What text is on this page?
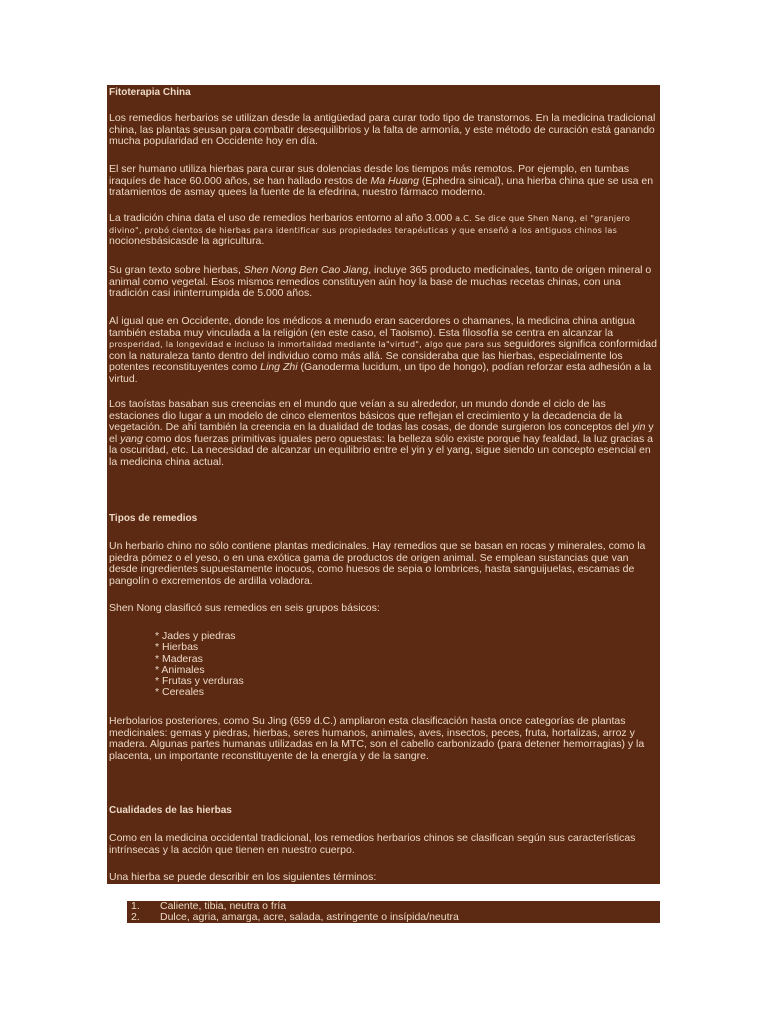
Fitoterapia China

Los remedios herbarios se utilizan desde la antigüedad para curar todo tipo de transtornos. En la medicina tradicional china, las plantas seusan para combatir desequilibrios y la falta de armonía, y este método de curación está ganando mucha popularidad en Occidente hoy en día.

El ser humano utiliza hierbas para curar sus dolencias desde los tiempos más remotos. Por ejemplo, en tumbas iraquíes de hace 60.000 años, se han hallado restos de Ma Huang (Ephedra sinical), una hierba china que se usa en tratamientos de asmay quees la fuente de la efedrina, nuestro fármaco moderno.

La tradición china data el uso de remedios herbarios entorno al año 3.000 a.C. Se dice que Shen Nang, el "granjero divino", probó cientos de hierbas para identificar sus propiedades terapéuticas y que enseñó a los antiguos chinos las nocionesbásicasde la agricultura.

Su gran texto sobre hierbas, Shen Nong Ben Cao Jiang, incluye 365 producto medicinales, tanto de origen mineral o animal como vegetal. Esos mismos remedios constituyen aún hoy la base de muchas recetas chinas, con una tradición casi ininterrumpida de 5.000 años.

Al igual que en Occidente, donde los médicos a menudo eran sacerdores o chamanes, la medicina china antigua también estaba muy vinculada a la religión (en este caso, el Taoismo). Esta filosofía se centra en alcanzar la prosperidad, la longevidad e incluso la inmortalidad mediante la"virtud", algo que para sus seguidores significa conformidad con la naturaleza tanto dentro del individuo como más allá. Se consideraba que las hierbas, especialmente los potentes reconstituyentes como Ling Zhi (Ganoderma lucidum, un tipo de hongo), podían reforzar esta adhesión a la virtud.

Los taoístas basaban sus creencias en el mundo que veían a su alrededor, un mundo donde el ciclo de las estaciones dio lugar a un modelo de cinco elementos básicos que reflejan el crecimiento y la decadencia de la vegetación. De ahí también la creencia en la dualidad de todas las cosas, de donde surgieron los conceptos del yin y el yang como dos fuerzas primitivas iguales pero opuestas: la belleza sólo existe porque hay fealdad, la luz gracias a la oscuridad, etc. La necesidad de alcanzar un equilibrio entre el yin y el yang, sigue siendo un concepto esencial en la medicina china actual.

Tipos de remedios

Un herbario chino no sólo contiene plantas medicinales. Hay remedios que se basan en rocas y minerales, como la piedra pómez o el yeso, o en una exótica gama de productos de origen animal. Se emplean sustancias que van desde ingredientes supuestamente inocuos, como huesos de sepia o lombrices, hasta sanguijuelas, escamas de pangolín o excrementos de ardilla voladora.

Shen Nong clasificó sus remedios en seis grupos básicos:

* Jades y piedras
* Hierbas
* Maderas
* Animales
* Frutas y verduras
* Cereales

Herbolarios posteriores, como Su Jing (659 d.C.) ampliaron esta clasificación hasta once categorías de plantas medicinales: gemas y piedras, hierbas, seres humanos, animales, aves, insectos, peces, fruta, hortalizas, arroz y madera. Algunas partes humanas utilizadas en la MTC, son el cabello carbonizado (para detener hemorragias) y la placenta, un importante reconstituyente de la energía y de la sangre.

Cualidades de las hierbas

Como en la medicina occidental tradicional, los remedios herbarios chinos se clasifican según sus características intrínsecas y la acción que tienen en nuestro cuerpo.

Una hierba se puede describir en los siguientes términos:

1.	Caliente, tibia, neutra o fría
2.	Dulce, agria, amarga, acre, salada, astringente o insípida/neutra
